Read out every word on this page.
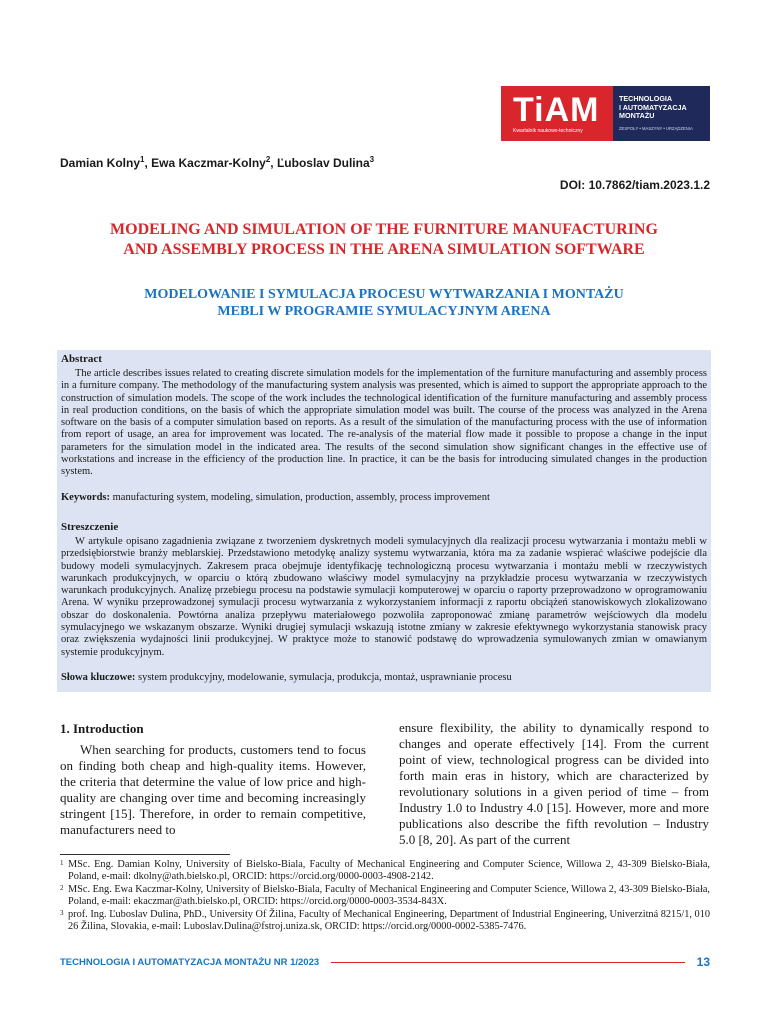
TiAM
Kwartalnik naukowo-techniczny
TECHNOLOGIA
I AUTOMATYZACJA
MONTAŻU
ZESPOŁY • MASZYNY • URZĄDZENIA
Damian Kolny$^1$, Ewa Kaczmar-Kolny$^2$, Ľuboslav Dulina$^3$
DOI: 10.7862/tiam.2023.1.2
MODELING AND SIMULATION OF THE FURNITURE MANUFACTURING
AND ASSEMBLY PROCESS IN THE ARENA SIMULATION SOFTWARE
MODELOWANIE I SYMULACJA PROCESU WYTWARZANIA I MONTAŻU
MEBLI W PROGRAMIE SYMULACYJNYM ARENA
Abstract
The article describes issues related to creating discrete simulation models for the implementation of the furniture manufacturing and assembly process in a furniture company. The methodology of the manufacturing system analysis was presented, which is aimed to support the appropriate approach to the construction of simulation models. The scope of the work includes the technological identification of the furniture manufacturing and assembly process in real production conditions, on the basis of which the appropriate simulation model was built. The course of the process was analyzed in the Arena software on the basis of a computer simulation based on reports. As a result of the simulation of the manufacturing process with the use of information from report of usage, an area for improvement was located. The re-analysis of the material flow made it possible to propose a change in the input parameters for the simulation model in the indicated area. The results of the second simulation show significant changes in the effective use of workstations and increase in the efficiency of the production line. In practice, it can be the basis for introducing simulated changes in the production system.
Keywords: manufacturing system, modeling, simulation, production, assembly, process improvement
Streszczenie
W artykule opisano zagadnienia związane z tworzeniem dyskretnych modeli symulacyjnych dla realizacji procesu wytwarzania i montażu mebli w przedsiębiorstwie branży meblarskiej. Przedstawiono metodykę analizy systemu wytwarzania, która ma za zadanie wspierać właściwe podejście dla budowy modeli symulacyjnych. Zakresem praca obejmuje identyfikację technologiczną procesu wytwarzania i montażu mebli w rzeczywistych warunkach produkcyjnych, w oparciu o którą zbudowano właściwy model symulacyjny na przykładzie procesu wytwarzania w rzeczywistych warunkach produkcyjnych. Analizę przebiegu procesu na podstawie symulacji komputerowej w oparciu o raporty przeprowadzono w oprogramowaniu Arena. W wyniku przeprowadzonej symulacji procesu wytwarzania z wykorzystaniem informacji z raportu obciążeń stanowiskowych zlokalizowano obszar do doskonalenia. Powtórna analiza przepływu materiałowego pozwoliła zaproponować zmianę parametrów wejściowych dla modelu symulacyjnego we wskazanym obszarze. Wyniki drugiej symulacji wskazują istotne zmiany w zakresie efektywnego wykorzystania stanowisk pracy oraz zwiększenia wydajności linii produkcyjnej. W praktyce może to stanowić podstawę do wprowadzenia symulowanych zmian w omawianym systemie produkcyjnym.
Słowa kluczowe: system produkcyjny, modelowanie, symulacja, produkcja, montaż, usprawnianie procesu
1. Introduction

When searching for products, customers tend to focus on finding both cheap and high-quality items. However, the criteria that determine the value of low price and high-quality are changing over time and becoming increasingly stringent [15]. Therefore, in order to remain competitive, manufacturers need to

ensure flexibility, the ability to dynamically respond to changes and operate effectively [14]. From the current point of view, technological progress can be divided into forth main eras in history, which are characterized by revolutionary solutions in a given period of time – from Industry 1.0 to Industry 4.0 [15]. However, more and more publications also describe the fifth revolution – Industry 5.0 [8, 20]. As part of the current

1 MSc. Eng. Damian Kolny, University of Bielsko-Biala, Faculty of Mechanical Engineering and Computer Science, Willowa 2, 43-309 Bielsko-Biała, Poland, e-mail: dkolny@ath.bielsko.pl, ORCID: https://orcid.org/0000-0003-4908-2142.
2 MSc. Eng. Ewa Kaczmar-Kolny, University of Bielsko-Biala, Faculty of Mechanical Engineering and Computer Science, Willowa 2, 43-309 Bielsko-Biała, Poland, e-mail: ekaczmar@ath.bielsko.pl, ORCID: https://orcid.org/0000-0003-3534-843X.
3 prof. Ing. Ľuboslav Dulina, PhD., University Of Žilina, Faculty of Mechanical Engineering, Department of Industrial Engineering, Univerzitná 8215/1, 010 26 Žilina, Slovakia, e-mail: Luboslav.Dulina@fstroj.uniza.sk, ORCID: https://orcid.org/0000-0002-5385-7476.
TECHNOLOGIA I AUTOMATYZACJA MONTAŻU NR 1/2023	13
